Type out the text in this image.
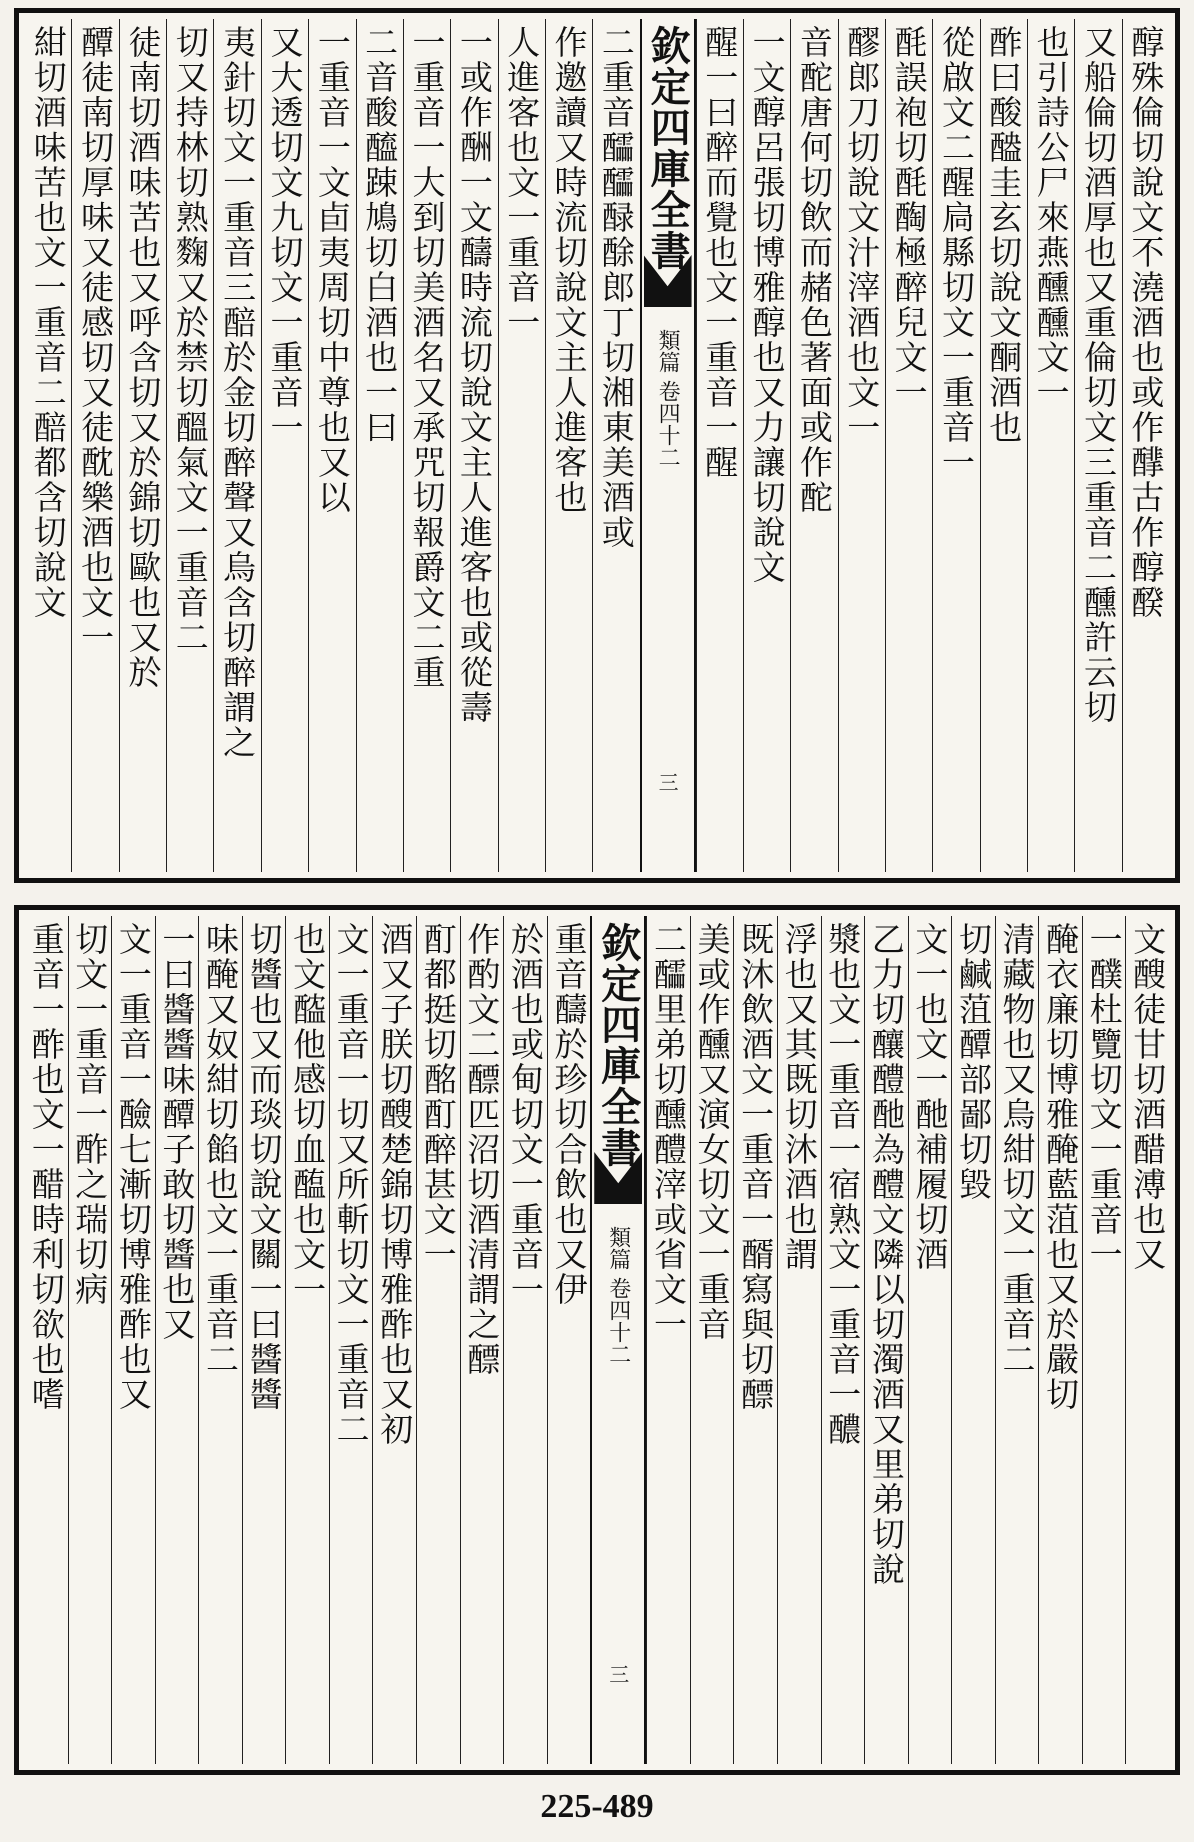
醇殊倫切說文不澆酒也或作䤏古作醇䤆
又船倫切酒厚也又重倫切文三重音二醺許云切
也引詩公尸來燕醺醺文一
酢曰酸醠圭玄切說文酮酒也
從啟文二醒扃縣切文一重音一
酕誤袍切酕醄極醉兒文一
醪郎刀切說文汁滓酒也文一
音酡唐何切飲而赭色著面或作酡
一文醇呂張切博雅醇也又力讓切說文
醒一曰醉而覺也文一重音一醒
欽定四庫全書
類篇 卷四十二
三
二重音醽醽醁酴郎丁切湘東美酒或
作邀讀又時流切說文主人進客也
人進客也文一重音一
一或作酬一文醻時流切說文主人進客也或從壽
一重音一大到切美酒名又承咒切報爵文二重
二音酸醯踈鳩切白酒也一曰
一重音一文卣夷周切中尊也又以
又大透切文九切文一重音一
夷針切文一重音三醅於金切醉聲又烏含切醉謂之
切又持林切熟麴又於禁切醞氣文一重音二
徒南切酒味苦也又呼含切又於錦切歐也又於
醰徒南切厚味又徒感切又徒酖樂酒也文一
紺切酒味苦也文一重音二醅都含切說文
文醙徒甘切酒醋溥也又
一醭杜覽切文一重音一
醃衣廉切博雅醃藍菹也又於嚴切
清藏物也又烏紺切文一重音二
切鹹菹醰部鄙切毀
文一也文一酏補履切酒
乙力切釀醴酏為醴文隣以切濁酒又里弟切說
漿也文一重音一宿熟文一重音一醲
浮也又其既切沐酒也謂
既沐飲酒文一重音一醑寫與切醥
美或作醺又演女切文一重音
二醽里弟切醺醴滓或省文一
欽定四庫全書
類篇 卷四十二
三
重音醻於珍切合飲也又伊
於酒也或甸切文一重音一
作酌文二醥匹沼切酒清謂之醥
酊都挺切酩酊醉甚文一
酒又子朕切醙楚錦切博雅酢也又初
文一重音一切又所斬切文一重音二
也文醓他感切血醢也文一
切醬也又而琰切說文關一曰醬醬
味醃又奴紺切餡也文一重音二
一曰醬醬味醰子敢切醬也又
文一重音一醶七漸切博雅酢也又
切文一重音一酢之瑞切病
重音一酢也文一醋時利切欲也嗜
225-489
